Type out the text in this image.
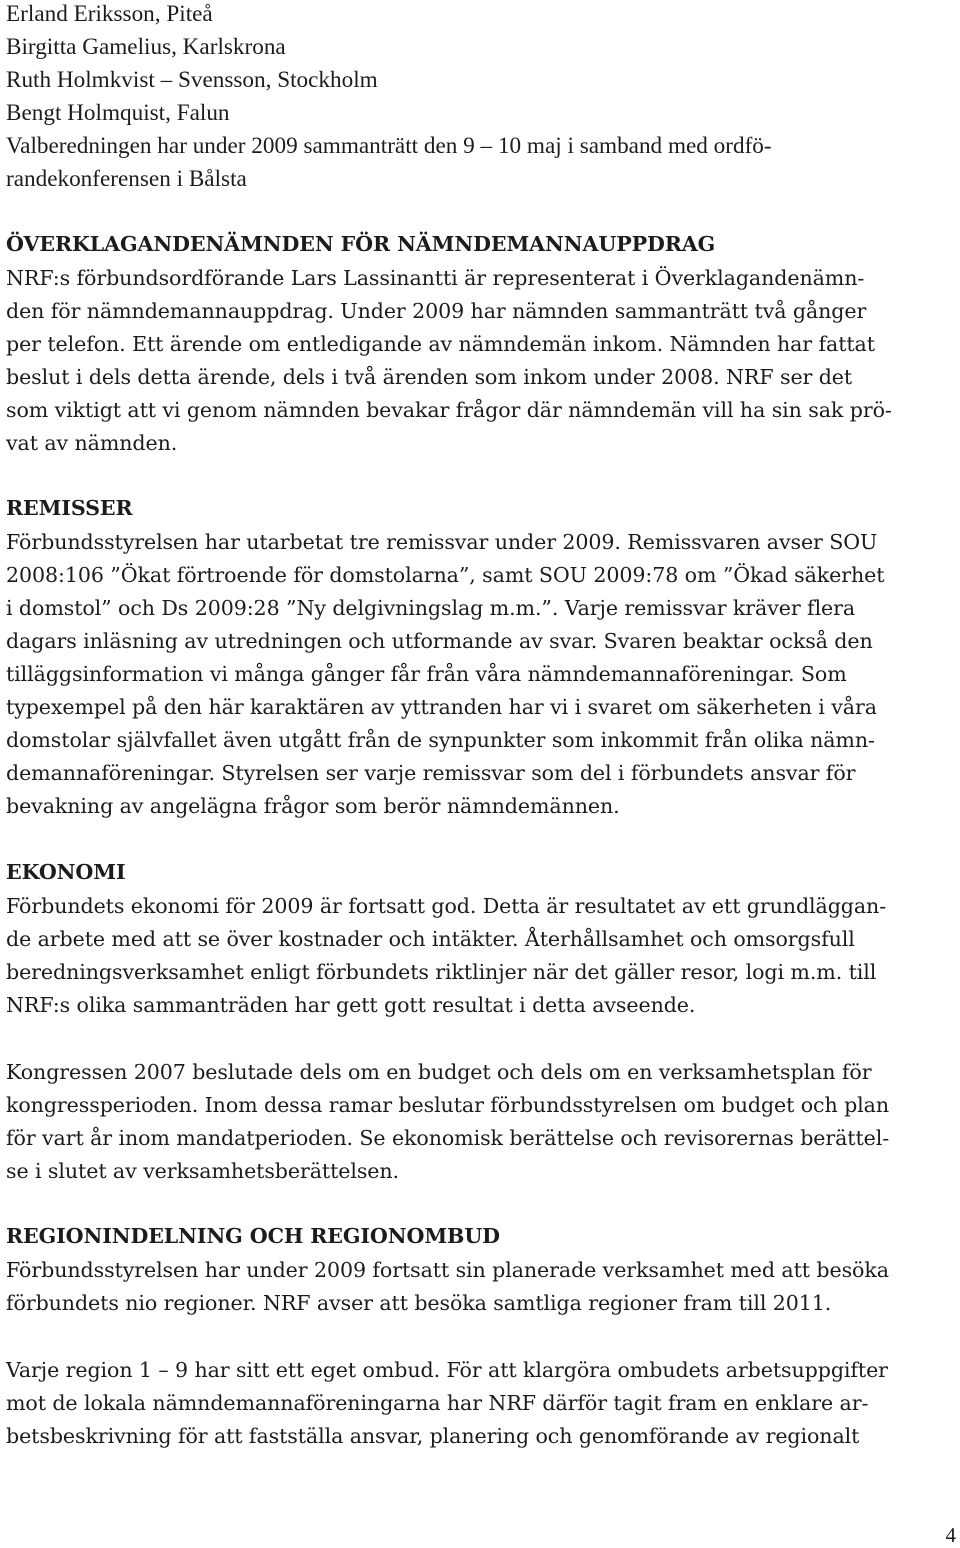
Erland Eriksson, Piteå
Birgitta Gamelius, Karlskrona
Ruth Holmkvist – Svensson, Stockholm
Bengt Holmquist, Falun
Valberedningen har under 2009 sammanträtt den 9 – 10 maj i samband med ordfö-
randekonferensen i Bålsta
ÖVERKLAGANDENÄMNDEN FÖR NÄMNDEMANNAUPPDRAG
NRF:s förbundsordförande Lars Lassinantti är representerat i Överklagandenämn-
den för nämndemannauppdrag. Under 2009 har nämnden sammanträtt två gånger
per telefon. Ett ärende om entledigande av nämndemän inkom. Nämnden har fattat
beslut i dels detta ärende, dels i två ärenden som inkom under 2008. NRF ser det
som viktigt att vi genom nämnden bevakar frågor där nämndemän vill ha sin sak prö-
vat av nämnden.
REMISSER
Förbundsstyrelsen har utarbetat tre remissvar under 2009. Remissvaren avser SOU
2008:106 ”Ökat förtroende för domstolarna”, samt SOU 2009:78 om ”Ökad säkerhet
i domstol” och Ds 2009:28 ”Ny delgivningslag m.m.”. Varje remissvar kräver flera
dagars inläsning av utredningen och utformande av svar. Svaren beaktar också den
tilläggsinformation vi många gånger får från våra nämndemannaföreningar. Som
typexempel på den här karaktären av yttranden har vi i svaret om säkerheten i våra
domstolar självfallet även utgått från de synpunkter som inkommit från olika nämn-
demannaföreningar. Styrelsen ser varje remissvar som del i förbundets ansvar för
bevakning av angelägna frågor som berör nämndemännen.
EKONOMI
Förbundets ekonomi för 2009 är fortsatt god. Detta är resultatet av ett grundläggan-
de arbete med att se över kostnader och intäkter. Återhållsamhet och omsorgsfull
beredningsverksamhet enligt förbundets riktlinjer när det gäller resor, logi m.m. till
NRF:s olika sammanträden har gett gott resultat i detta avseende.
Kongressen 2007 beslutade dels om en budget och dels om en verksamhetsplan för
kongressperioden. Inom dessa ramar beslutar förbundsstyrelsen om budget och plan
för vart år inom mandatperioden. Se ekonomisk berättelse och revisorernas berättel-
se i slutet av verksamhetsberättelsen.
REGIONINDELNING OCH REGIONOMBUD
Förbundsstyrelsen har under 2009 fortsatt sin planerade verksamhet med att besöka
förbundets nio regioner. NRF avser att besöka samtliga regioner fram till 2011.
Varje region 1 – 9 har sitt ett eget ombud. För att klargöra ombudets arbetsuppgifter
mot de lokala nämndemannaföreningarna har NRF därför tagit fram en enklare ar-
betsbeskrivning för att fastställa ansvar, planering och genomförande av regionalt
4
